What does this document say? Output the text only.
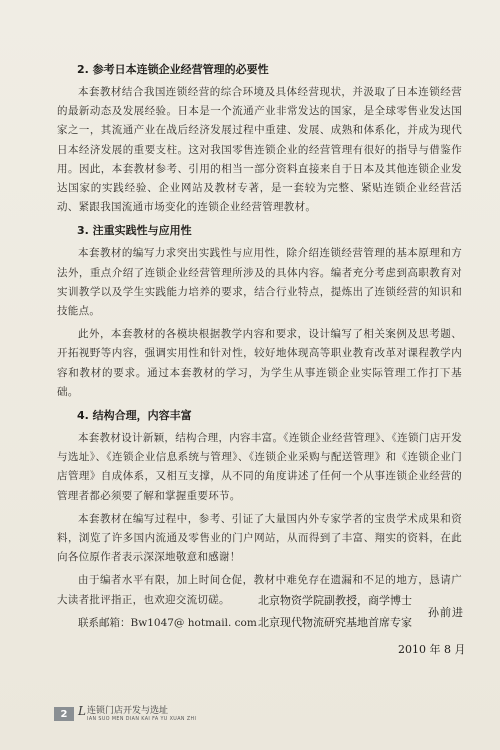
2. 参考日本连锁企业经营管理的必要性

本套教材结合我国连锁经营的综合环境及具体经营现状，并汲取了日本连锁经营的最新动态及发展经验。日本是一个流通产业非常发达的国家，是全球零售业发达国家之一，其流通产业在战后经济发展过程中重建、发展、成熟和体系化，并成为现代日本经济发展的重要支柱。这对我国零售连锁企业的经营管理有很好的指导与借鉴作用。因此，本套教材参考、引用的相当一部分资料直接来自于日本及其他连锁企业发达国家的实践经验、企业网站及教材专著，是一套较为完整、紧贴连锁企业经营活动、紧跟我国流通市场变化的连锁企业经营管理教材。

3. 注重实践性与应用性

本套教材的编写力求突出实践性与应用性，除介绍连锁经营管理的基本原理和方法外，重点介绍了连锁企业经营管理所涉及的具体内容。编者充分考虑到高职教育对实训教学以及学生实践能力培养的要求，结合行业特点，提炼出了连锁经营的知识和技能点。

此外，本套教材的各模块根据教学内容和要求，设计编写了相关案例及思考题、开拓视野等内容，强调实用性和针对性，较好地体现高等职业教育改革对课程教学内容和教材的要求。通过本套教材的学习，为学生从事连锁企业实际管理工作打下基础。

4. 结构合理，内容丰富

本套教材设计新颖，结构合理，内容丰富。《连锁企业经营管理》、《连锁门店开发与选址》、《连锁企业信息系统与管理》、《连锁企业采购与配送管理》和《连锁企业门店管理》自成体系，又相互支撑，从不同的角度讲述了任何一个从事连锁企业经营的管理者都必须要了解和掌握重要环节。

本套教材在编写过程中，参考、引证了大量国内外专家学者的宝贵学术成果和资料，浏览了许多国内流通及零售业的门户网站，从而得到了丰富、翔实的资料，在此向各位原作者表示深深地敬意和感谢！

由于编者水平有限，加上时间仓促，教材中难免存在遗漏和不足的地方，恳请广大读者批评指正，也欢迎交流切磋。

联系邮箱：Bw1047@ hotmail. com
北京物资学院副教授，商学博士
孙前进
北京现代物流研究基地首席专家
2010 年 8 月
2 L 连锁门店开发与选址
IAN SUO MEN DIAN KAI FA YU XUAN ZHI
